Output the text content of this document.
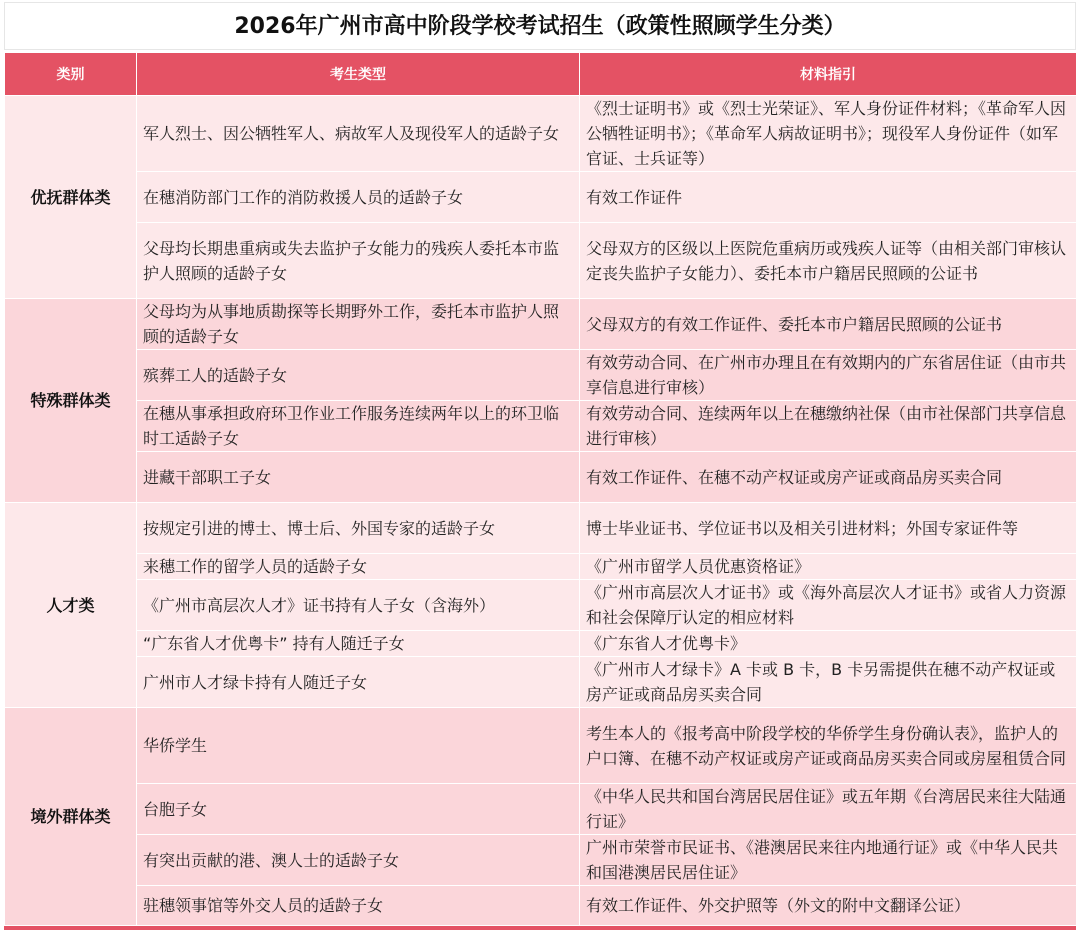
2026年广州市高中阶段学校考试招生（政策性照顾学生分类）
类别	考生类型	材料指引
优抚群体类	军人烈士、因公牺牲军人、病故军人及现役军人的适龄子女	《烈士证明书》或《烈士光荣证》、军人身份证件材料；《革命军人因公牺牲证明书》；《革命军人病故证明书》；现役军人身份证件（如军官证、士兵证等）
	在穗消防部门工作的消防救援人员的适龄子女	有效工作证件
	父母均长期患重病或失去监护子女能力的残疾人委托本市监护人照顾的适龄子女	父母双方的区级以上医院危重病历或残疾人证等（由相关部门审核认定丧失监护子女能力）、委托本市户籍居民照顾的公证书
特殊群体类	父母均为从事地质勘探等长期野外工作，委托本市监护人照顾的适龄子女	父母双方的有效工作证件、委托本市户籍居民照顾的公证书
	殡葬工人的适龄子女	有效劳动合同、在广州市办理且在有效期内的广东省居住证（由市共享信息进行审核）
	在穗从事承担政府环卫作业工作服务连续两年以上的环卫临时工适龄子女	有效劳动合同、连续两年以上在穗缴纳社保（由市社保部门共享信息进行审核）
	进藏干部职工子女	有效工作证件、在穗不动产权证或房产证或商品房买卖合同
人才类	按规定引进的博士、博士后、外国专家的适龄子女	博士毕业证书、学位证书以及相关引进材料；外国专家证件等
	来穗工作的留学人员的适龄子女	《广州市留学人员优惠资格证》
	《广州市高层次人才》证书持有人子女（含海外）	《广州市高层次人才证书》或《海外高层次人才证书》或省人力资源和社会保障厅认定的相应材料
	“广东省人才优粤卡” 持有人随迁子女	《广东省人才优粤卡》
	广州市人才绿卡持有人随迁子女	《广州市人才绿卡》A 卡或 B 卡，B 卡另需提供在穗不动产权证或房产证或商品房买卖合同
境外群体类	华侨学生	考生本人的《报考高中阶段学校的华侨学生身份确认表》，监护人的户口簿、在穗不动产权证或房产证或商品房买卖合同或房屋租赁合同
	台胞子女	《中华人民共和国台湾居民居住证》或五年期《台湾居民来往大陆通行证》
	有突出贡献的港、澳人士的适龄子女	广州市荣誉市民证书、《港澳居民来往内地通行证》或《中华人民共和国港澳居民居住证》
	驻穗领事馆等外交人员的适龄子女	有效工作证件、外交护照等（外文的附中文翻译公证）
